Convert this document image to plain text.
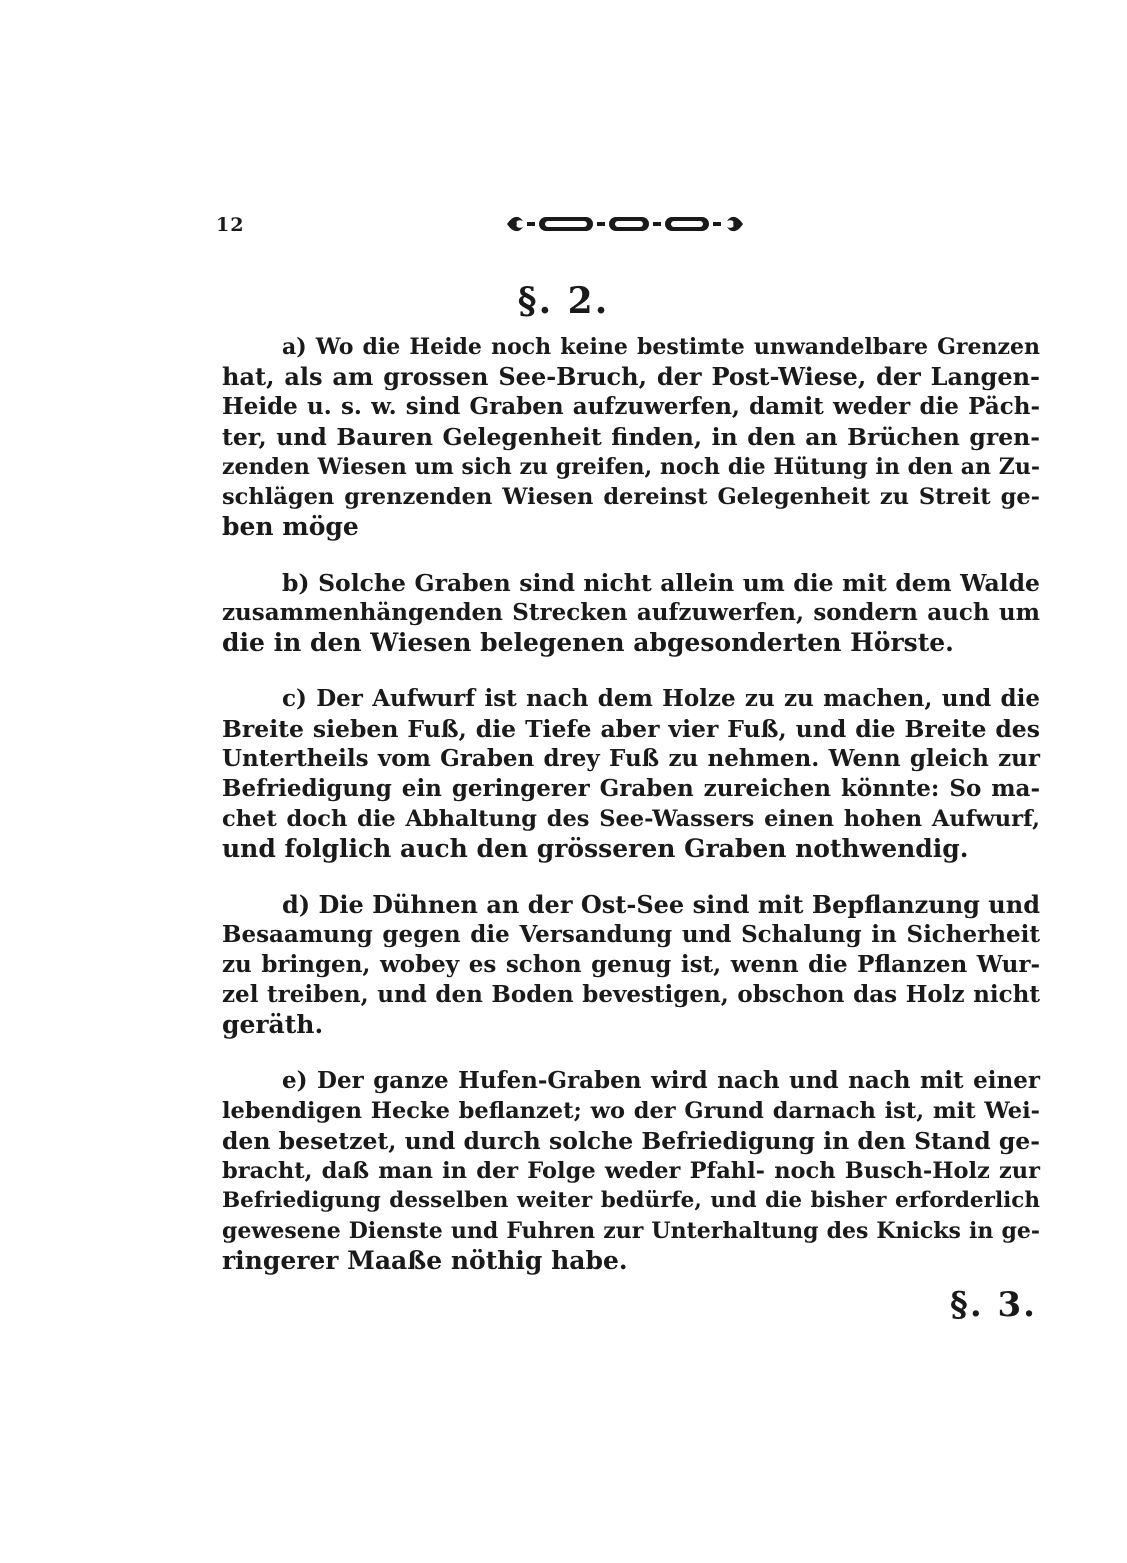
12
§. 2.
a) Wo die Heide noch keine bestimte unwandelbare Grenzen
hat, als am grossen See-Bruch, der Post-Wiese, der Langen-
Heide u. s. w. sind Graben aufzuwerfen, damit weder die Päch-
ter, und Bauren Gelegenheit finden, in den an Brüchen gren-
zenden Wiesen um sich zu greifen, noch die Hütung in den an Zu-
schlägen grenzenden Wiesen dereinst Gelegenheit zu Streit ge-
ben möge
b) Solche Graben sind nicht allein um die mit dem Walde
zusammenhängenden Strecken aufzuwerfen, sondern auch um
die in den Wiesen belegenen abgesonderten Hörste.
c) Der Aufwurf ist nach dem Holze zu zu machen, und die
Breite sieben Fuß, die Tiefe aber vier Fuß, und die Breite des
Untertheils vom Graben drey Fuß zu nehmen. Wenn gleich zur
Befriedigung ein geringerer Graben zureichen könnte: So ma-
chet doch die Abhaltung des See-Wassers einen hohen Aufwurf,
und folglich auch den grösseren Graben nothwendig.
d) Die Dühnen an der Ost-See sind mit Bepflanzung und
Besaamung gegen die Versandung und Schalung in Sicherheit
zu bringen, wobey es schon genug ist, wenn die Pflanzen Wur-
zel treiben, und den Boden bevestigen, obschon das Holz nicht
geräth.
e) Der ganze Hufen-Graben wird nach und nach mit einer
lebendigen Hecke beflanzet; wo der Grund darnach ist, mit Wei-
den besetzet, und durch solche Befriedigung in den Stand ge-
bracht, daß man in der Folge weder Pfahl- noch Busch-Holz zur
Befriedigung desselben weiter bedürfe, und die bisher erforderlich
gewesene Dienste und Fuhren zur Unterhaltung des Knicks in ge-
ringerer Maaße nöthig habe.
§. 3.
